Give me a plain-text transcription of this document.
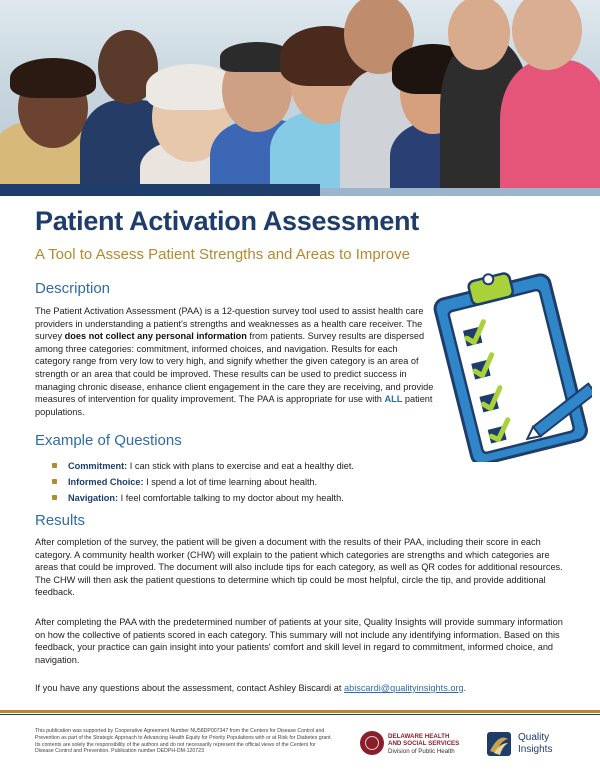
Patient Activation Assessment
A Tool to Assess Patient Strengths and Areas to Improve
Description

The Patient Activation Assessment (PAA) is a 12-question survey tool used to assist health care providers in understanding a patient's strengths and weaknesses as a health care receiver. The survey does not collect any personal information from patients. Survey results are dispersed among three categories: commitment, informed choices, and navigation. Results for each category range from very low to very high, and signify whether the given category is an area of strength or an area that could be improved. These results can be used to predict success in managing chronic disease, enhance client engagement in the care they are receiving, and provide measures of intervention for quality improvement. The PAA is appropriate for use with ALL patient populations.

Example of Questions
Commitment: I can stick with plans to exercise and eat a healthy diet.
Informed Choice: I spend a lot of time learning about health.
Navigation: I feel comfortable talking to my doctor about my health.
Results

After completion of the survey, the patient will be given a document with the results of their PAA, including their score in each category. A community health worker (CHW) will explain to the patient which categories are strengths and which categories are areas that could be improved. The document will also include tips for each category, as well as QR codes for additional resources. The CHW will then ask the patient questions to determine which tip could be most helpful, circle the tip, and provide additional feedback.

After completing the PAA with the predetermined number of patients at your site, Quality Insights will provide summary information on how the collective of patients scored in each category. This summary will not include any identifying information. Based on this feedback, your practice can gain insight into your patients' comfort and skill level in regard to commitment, informed choice, and navigation.

If you have any questions about the assessment, contact Ashley Biscardi at abiscardi@qualityinsights.org.

This publication was supported by Cooperative Agreement Number NU58DP007347 from the Centers for Disease Control and Prevention as part of the Strategic Approach to Advancing Health Equity for Priority Populations with or at Risk for Diabetes grant. Its contents are solely the responsibility of the authors and do not necessarily represent the official views of the Centers for Disease Control and Prevention. Publication number DEDPH-DM-120723
DELAWARE HEALTH
AND SOCIAL SERVICES
Division of Public Health
Quality
Insights
